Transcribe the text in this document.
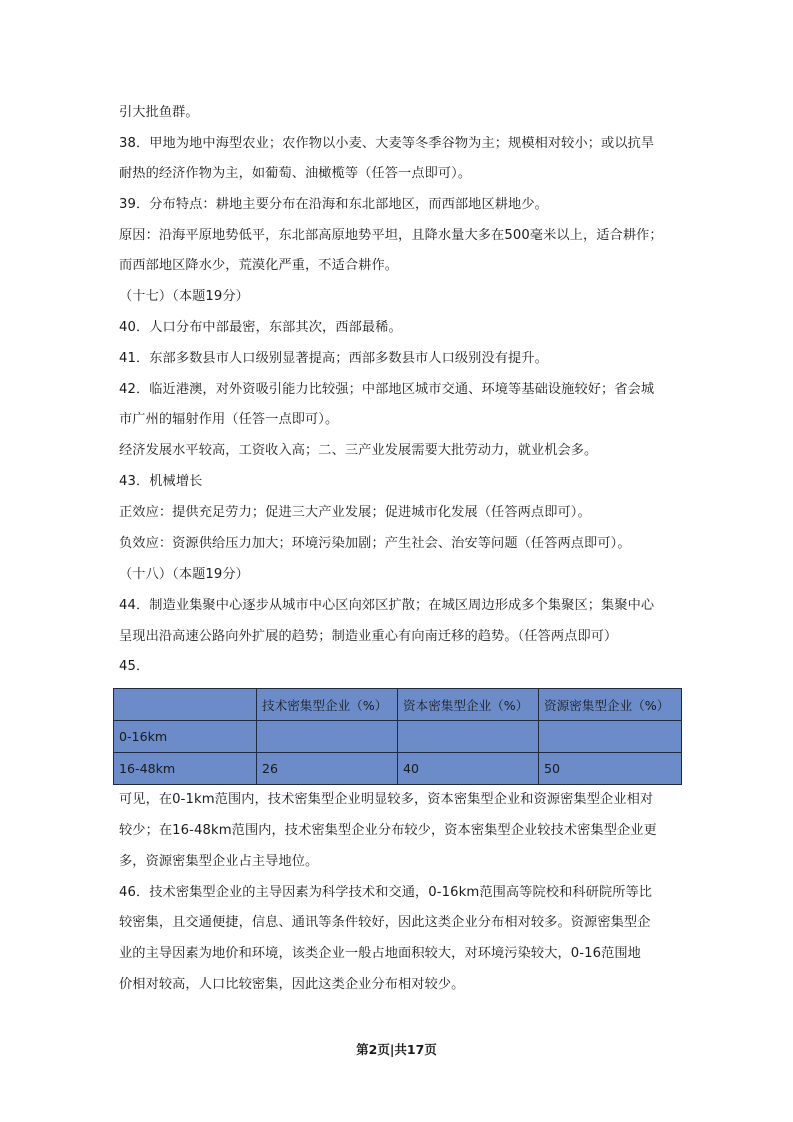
引大批鱼群。
38．甲地为地中海型农业；农作物以小麦、大麦等冬季谷物为主；规模相对较小；或以抗旱
耐热的经济作物为主，如葡萄、油橄榄等（任答一点即可）。
39．分布特点：耕地主要分布在沿海和东北部地区，而西部地区耕地少。
原因：沿海平原地势低平，东北部高原地势平坦，且降水量大多在500毫米以上，适合耕作；
而西部地区降水少，荒漠化严重，不适合耕作。
（十七）（本题19分）
40．人口分布中部最密，东部其次，西部最稀。
41．东部多数县市人口级别显著提高；西部多数县市人口级别没有提升。
42．临近港澳，对外资吸引能力比较强；中部地区城市交通、环境等基础设施较好；省会城
市广州的辐射作用（任答一点即可）。
经济发展水平较高，工资收入高；二、三产业发展需要大批劳动力，就业机会多。
43．机械增长
正效应：提供充足劳力；促进三大产业发展；促进城市化发展（任答两点即可）。
负效应：资源供给压力加大；环境污染加剧；产生社会、治安等问题（任答两点即可）。
（十八）（本题19分）
44．制造业集聚中心逐步从城市中心区向郊区扩散；在城区周边形成多个集聚区；集聚中心
呈现出沿高速公路向外扩展的趋势；制造业重心有向南迁移的趋势。（任答两点即可）
45．
	技术密集型企业（%）	资本密集型企业（%）	资源密集型企业（%）
0-16km			
16-48km	26	40	50
可见，在0-1km范围内，技术密集型企业明显较多，资本密集型企业和资源密集型企业相对
较少；在16-48km范围内，技术密集型企业分布较少，资本密集型企业较技术密集型企业更
多，资源密集型企业占主导地位。
46．技术密集型企业的主导因素为科学技术和交通，0-16km范围高等院校和科研院所等比
较密集，且交通便捷，信息、通讯等条件较好，因此这类企业分布相对较多。资源密集型企
业的主导因素为地价和环境，该类企业一般占地面积较大，对环境污染较大，0-16范围地
价相对较高，人口比较密集，因此这类企业分布相对较少。
第2页|共17页
